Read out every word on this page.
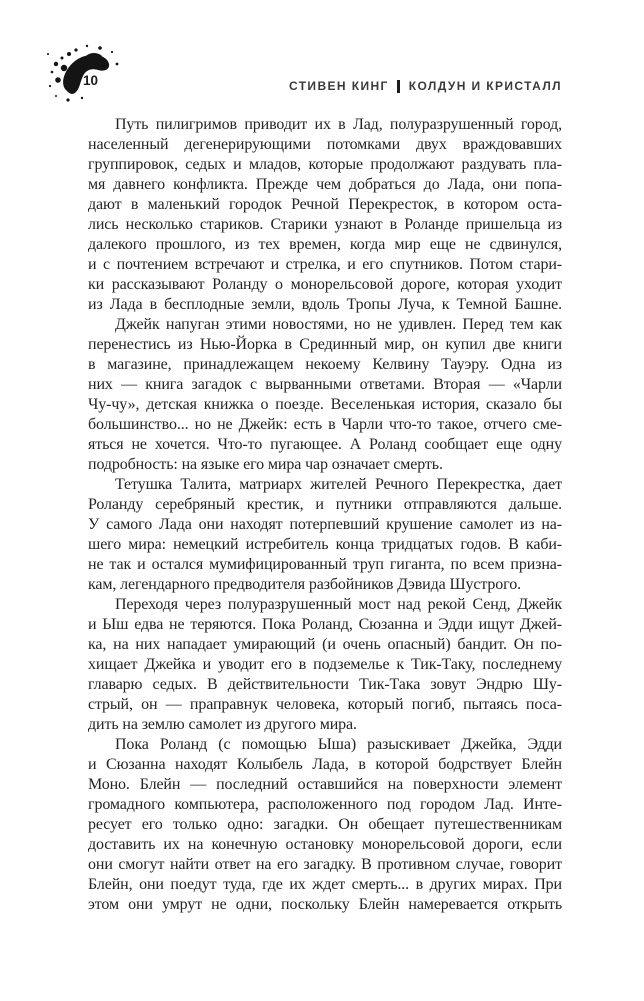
10	СТИВЕН КИНГ КОЛДУН И КРИСТАЛЛ
Путь пилигримов приводит их в Лад, полуразрушенный город,
населенный дегенерирующими потомками двух враждовавших
группировок, седых и младов, которые продолжают раздувать пла-
мя давнего конфликта. Прежде чем добраться до Лада, они попа-
дают в маленький городок Речной Перекресток, в котором оста-
лись несколько стариков. Старики узнают в Роланде пришельца из
далекого прошлого, из тех времен, когда мир еще не сдвинулся,
и с почтением встречают и стрелка, и его спутников. Потом стари-
ки рассказывают Роланду о монорельсовой дороге, которая уходит
из Лада в бесплодные земли, вдоль Тропы Луча, к Темной Башне.
Джейк напуган этими новостями, но не удивлен. Перед тем как
перенестись из Нью-Йорка в Срединный мир, он купил две книги
в магазине, принадлежащем некоему Келвину Тауэру. Одна из
них — книга загадок с вырванными ответами. Вторая — «Чарли
Чу-чу», детская книжка о поезде. Веселенькая история, сказало бы
большинство... но не Джейк: есть в Чарли что-то такое, отчего сме-
яться не хочется. Что-то пугающее. А Роланд сообщает еще одну
подробность: на языке его мира чар означает смерть.
Тетушка Талита, матриарх жителей Речного Перекрестка, дает
Роланду серебряный крестик, и путники отправляются дальше.
У самого Лада они находят потерпевший крушение самолет из на-
шего мира: немецкий истребитель конца тридцатых годов. В каби-
не так и остался мумифицированный труп гиганта, по всем призна-
кам, легендарного предводителя разбойников Дэвида Шустрого.
Переходя через полуразрушенный мост над рекой Сенд, Джейк
и Ыш едва не теряются. Пока Роланд, Сюзанна и Эдди ищут Джей-
ка, на них нападает умирающий (и очень опасный) бандит. Он по-
хищает Джейка и уводит его в подземелье к Тик-Таку, последнему
главарю седых. В действительности Тик-Така зовут Эндрю Шу-
стрый, он — праправнук человека, который погиб, пытаясь поса-
дить на землю самолет из другого мира.
Пока Роланд (с помощью Ыша) разыскивает Джейка, Эдди
и Сюзанна находят Колыбель Лада, в которой бодрствует Блейн
Моно. Блейн — последний оставшийся на поверхности элемент
громадного компьютера, расположенного под городом Лад. Инте-
ресует его только одно: загадки. Он обещает путешественникам
доставить их на конечную остановку монорельсовой дороги, если
они смогут найти ответ на его загадку. В противном случае, говорит
Блейн, они поедут туда, где их ждет смерть... в других мирах. При
этом они умрут не одни, поскольку Блейн намеревается открыть
